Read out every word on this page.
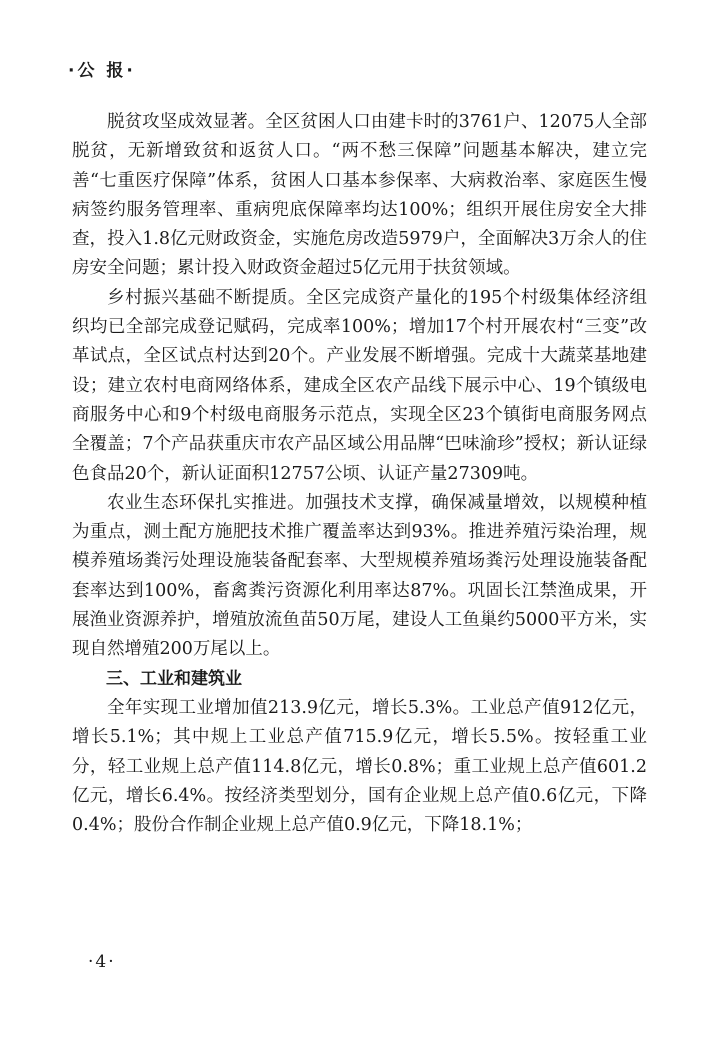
·公 报·

脱贫攻坚成效显著。全区贫困人口由建卡时的3761户、12075人全部脱贫，无新增致贫和返贫人口。“两不愁三保障”问题基本解决，建立完善“七重医疗保障”体系，贫困人口基本参保率、大病救治率、家庭医生慢病签约服务管理率、重病兜底保障率均达100%；组织开展住房安全大排查，投入1.8亿元财政资金，实施危房改造5979户，全面解决3万余人的住房安全问题；累计投入财政资金超过5亿元用于扶贫领域。

乡村振兴基础不断提质。全区完成资产量化的195个村级集体经济组织均已全部完成登记赋码，完成率100%；增加17个村开展农村“三变”改革试点，全区试点村达到20个。产业发展不断增强。完成十大蔬菜基地建设；建立农村电商网络体系，建成全区农产品线下展示中心、19个镇级电商服务中心和9个村级电商服务示范点，实现全区23个镇街电商服务网点全覆盖；7个产品获重庆市农产品区域公用品牌“巴味渝珍”授权；新认证绿色食品20个，新认证面积12757公顷、认证产量27309吨。

农业生态环保扎实推进。加强技术支撑，确保减量增效，以规模种植为重点，测土配方施肥技术推广覆盖率达到93%。推进养殖污染治理，规模养殖场粪污处理设施装备配套率、大型规模养殖场粪污处理设施装备配套率达到100%，畜禽粪污资源化利用率达87%。巩固长江禁渔成果，开展渔业资源养护，增殖放流鱼苗50万尾，建设人工鱼巢约5000平方米，实现自然增殖200万尾以上。

三、工业和建筑业

全年实现工业增加值213.9亿元，增长5.3%。工业总产值912亿元，增长5.1%；其中规上工业总产值715.9亿元，增长5.5%。按轻重工业分，轻工业规上总产值114.8亿元，增长0.8%；重工业规上总产值601.2亿元，增长6.4%。按经济类型划分，国有企业规上总产值0.6亿元，下降0.4%；股份合作制企业规上总产值0.9亿元，下降18.1%；

·4·
